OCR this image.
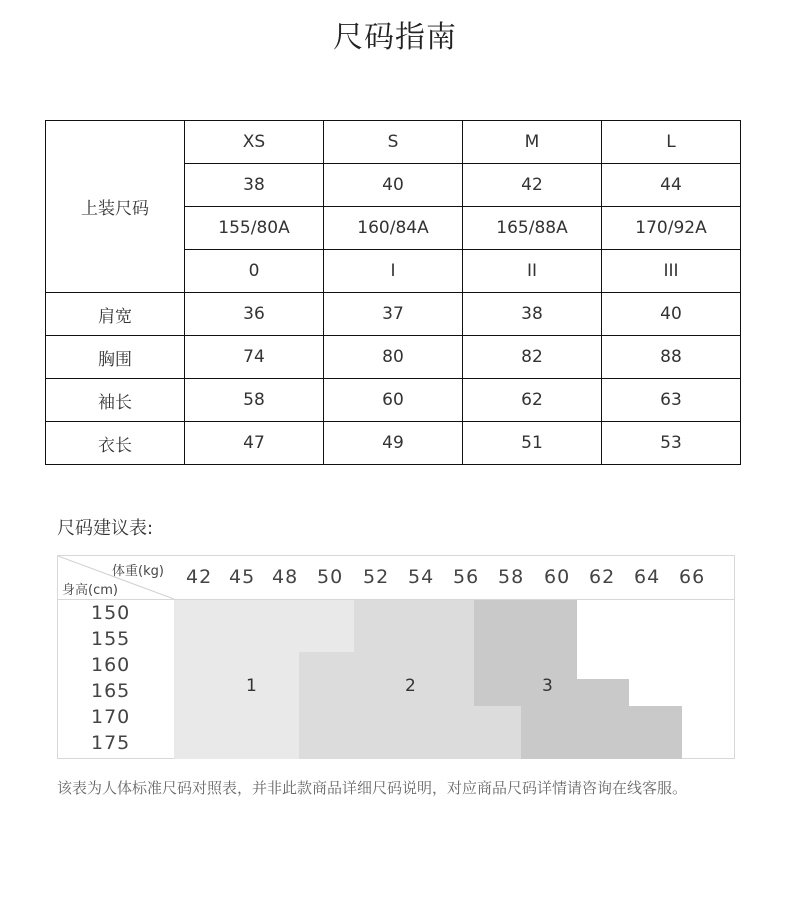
尺码指南
上装尺码	XS	S	M	L
	38	40	42	44
	155/80A	160/84A	165/88A	170/92A
	0	I	II	III
肩宽	36	37	38	40
胸围	74	80	82	88
袖长	58	60	62	63
衣长	47	49	51	53
尺码建议表:
体重(kg)
身高(cm)
42 45 48 50 52 54 56 58 60 62 64 66
150
155
160
165
170
175
1	2	3
该表为人体标准尺码对照表，并非此款商品详细尺码说明，对应商品尺码详情请咨询在线客服。
